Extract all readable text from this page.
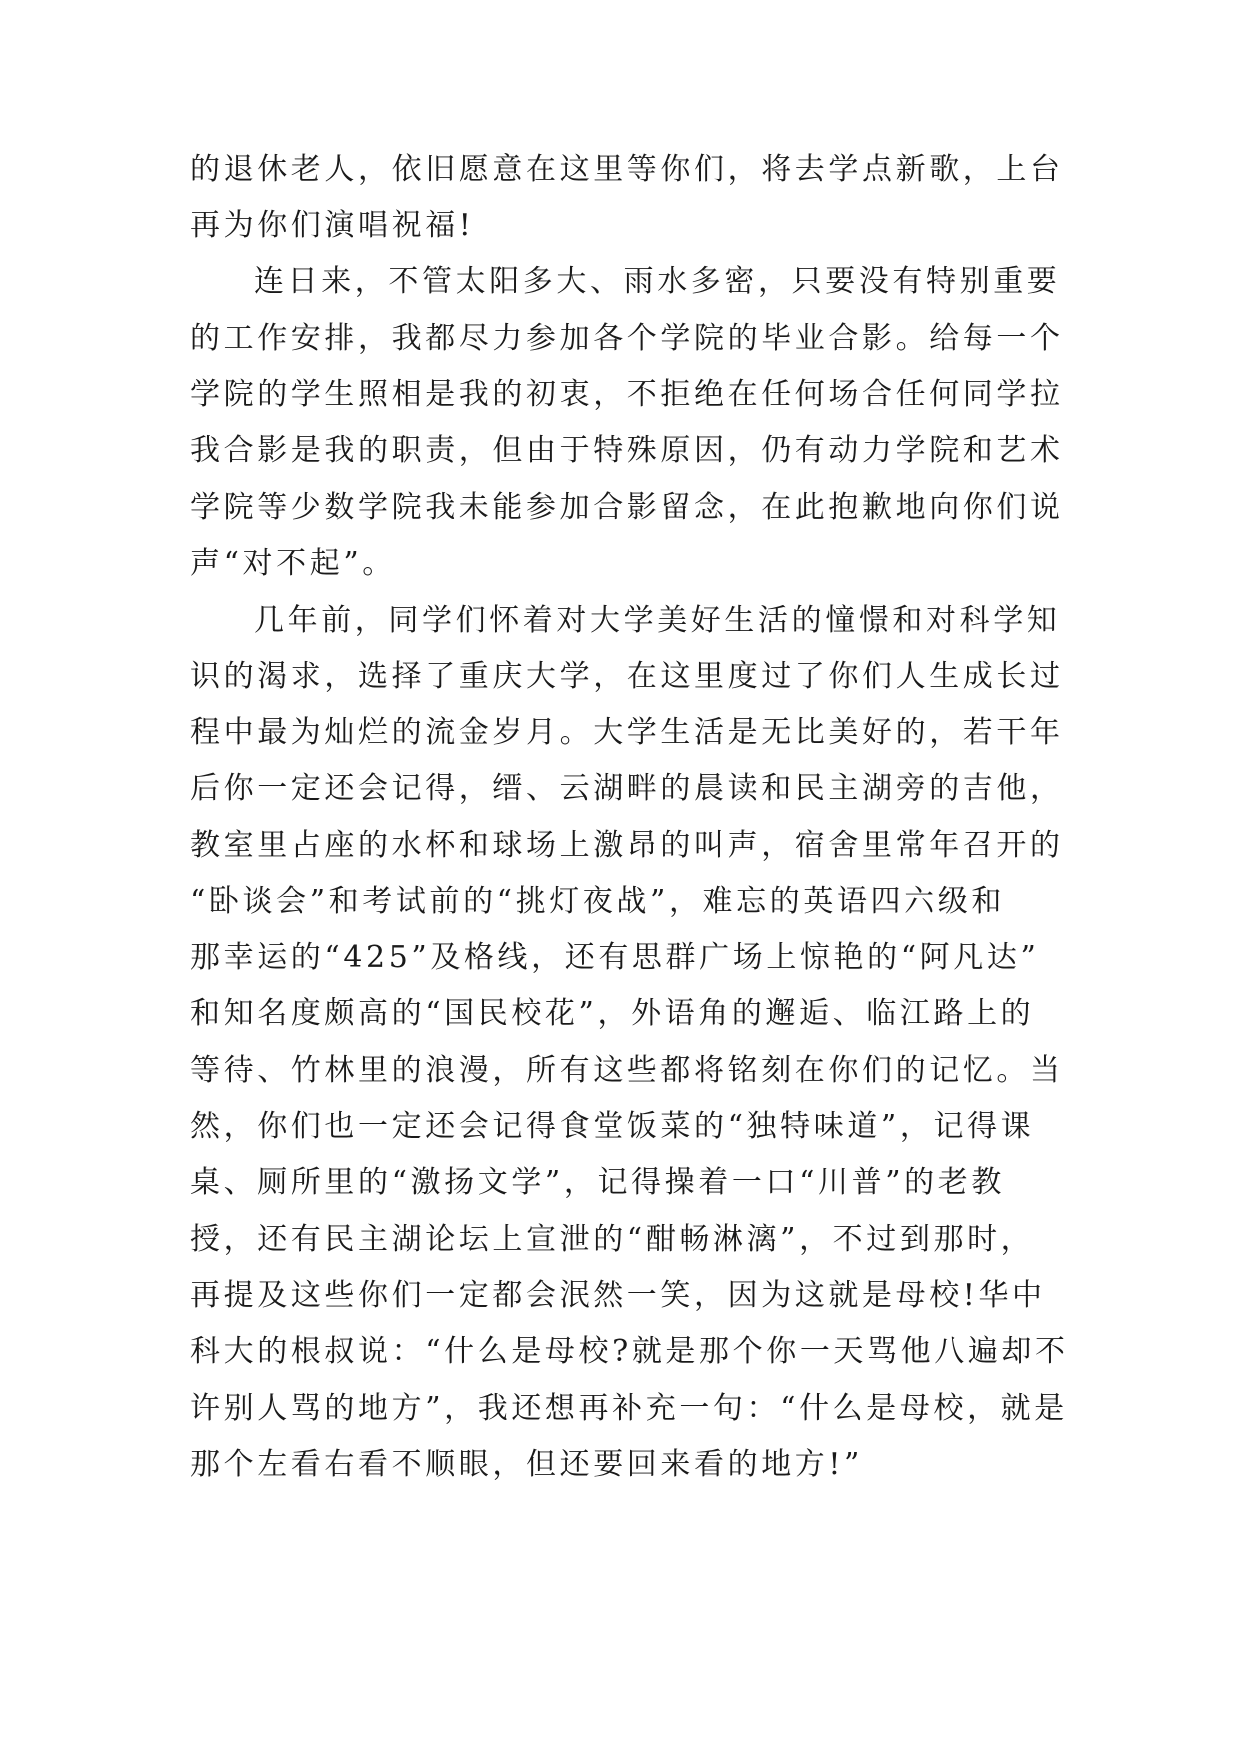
的退休老人，依旧愿意在这里等你们，将去学点新歌，上台
再为你们演唱祝福!
连日来，不管太阳多大、雨水多密，只要没有特别重要
的工作安排，我都尽力参加各个学院的毕业合影。给每一个
学院的学生照相是我的初衷，不拒绝在任何场合任何同学拉
我合影是我的职责，但由于特殊原因，仍有动力学院和艺术
学院等少数学院我未能参加合影留念，在此抱歉地向你们说
声“对不起”。
几年前，同学们怀着对大学美好生活的憧憬和对科学知
识的渴求，选择了重庆大学，在这里度过了你们人生成长过
程中最为灿烂的流金岁月。大学生活是无比美好的，若干年
后你一定还会记得，缙、云湖畔的晨读和民主湖旁的吉他，
教室里占座的水杯和球场上激昂的叫声，宿舍里常年召开的
“卧谈会”和考试前的“挑灯夜战”，难忘的英语四六级和
那幸运的“425”及格线，还有思群广场上惊艳的“阿凡达”
和知名度颇高的“国民校花”，外语角的邂逅、临江路上的
等待、竹林里的浪漫，所有这些都将铭刻在你们的记忆。当
然，你们也一定还会记得食堂饭菜的“独特味道”，记得课
桌、厕所里的“激扬文学”，记得操着一口“川普”的老教
授，还有民主湖论坛上宣泄的“酣畅淋漓”，不过到那时，
再提及这些你们一定都会泯然一笑，因为这就是母校!华中
科大的根叔说：“什么是母校?就是那个你一天骂他八遍却不
许别人骂的地方”，我还想再补充一句：“什么是母校，就是
那个左看右看不顺眼，但还要回来看的地方!”
